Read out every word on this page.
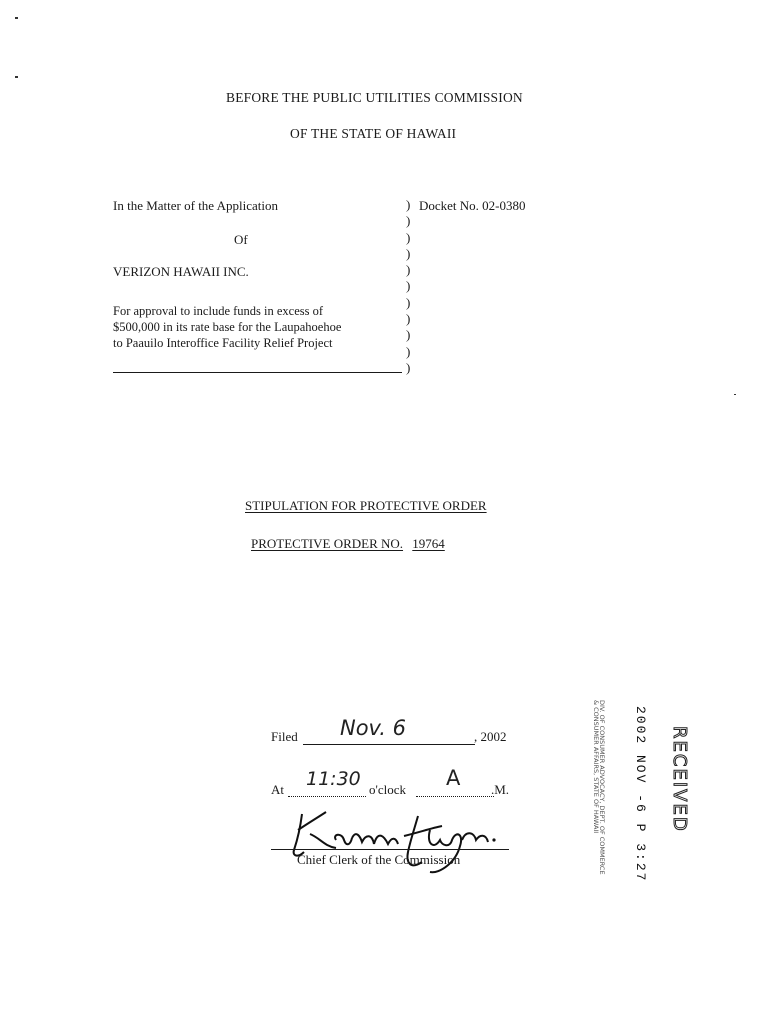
BEFORE THE PUBLIC UTILITIES COMMISSION
OF THE STATE OF HAWAII
In the Matter of the Application
Of
VERIZON HAWAII INC.
For approval to include funds in excess of
$500,000 in its rate base for the Laupahoehoe
to Paauilo Interoffice Facility Relief Project
)
)
)
)
)
)
)
)
)
)
)
Docket No. 02-0380
STIPULATION FOR PROTECTIVE ORDER
PROTECTIVE ORDER NO. 19764
Filed Nov. 6	, 2002
At 11:30 o'clock A .M.
Chief Clerk of the Commission	DIV. OF CONSUMER ADVOCACY, DEPT. OF COMMERCE & CONSUMER AFFAIRS, STATE OF HAWAII	2002 NOV -6 P 3:27 RECEIVED
